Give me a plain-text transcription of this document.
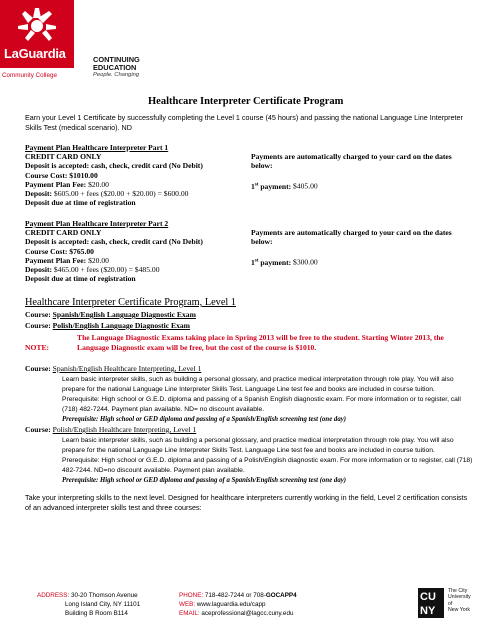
LaGuardia
Community College
CONTINUING
EDUCATION
People. Changing
Healthcare Interpreter Certificate Program
Earn your Level 1 Certificate by successfully completing the Level 1 course (45 hours) and passing the national Language Line Interpreter Skills Test (medical scenario). ND
Payment Plan Healthcare Interpreter Part 1
CREDIT CARD ONLY
Deposit is accepted: cash, check, credit card (No Debit)
Course Cost: $1010.00
Payment Plan Fee: $20.00
Deposit: $605.00 + fees ($20.00 + $20.00) = $600.00
Deposit due at time of registration
Payments are automatically charged to your card on the dates below:
1st payment: $405.00
Payment Plan Healthcare Interpreter Part 2
CREDIT CARD ONLY
Deposit is accepted: cash, check, credit card (No Debit)
Course Cost: $765.00
Payment Plan Fee: $20.00
Deposit: $465.00 + fees ($20.00) = $485.00
Deposit due at time of registration
Payments are automatically charged to your card on the dates below:
1st payment: $300.00
Healthcare Interpreter Certificate Program, Level 1
Course: Spanish/English Language Diagnostic Exam
Course: Polish/English Language Diagnostic Exam
The Language Diagnostic Exams taking place in Spring 2013 will be free to the student. Starting Winter 2013, the
NOTE:	Language Diagnostic exam will be free, but the cost of the course is $1010.
Course: Spanish/English Healthcare Interpreting, Level 1
Learn basic interpreter skills, such as building a personal glossary, and practice medical interpretation through role play. You will also prepare for the national Language Line Interpreter Skills Test. Language Line test fee and books are included in course tuition. Prerequisite: High school or G.E.D. diploma and passing of a Spanish English diagnostic exam. For more information or to register, call (718) 482-7244. Payment plan available. ND= no discount available.
Prerequisite: High school or GED diploma and passing of a Spanish/English screening test (one day)
Course: Polish/English Healthcare Interpreting, Level 1
Learn basic interpreter skills, such as building a personal glossary, and practice medical interpretation through role play. You will also prepare for the national Language Line Interpreter Skills Test. Language Line test fee and books are included in course tuition. Prerequisite: High school or G.E.D. diploma and passing of a Polish/English diagnostic exam. For more information or to register, call (718) 482-7244. ND=no discount available. Payment plan available.
Prerequisite: High school or GED diploma and passing of a Spanish/English screening test (one day)
Take your interpreting skills to the next level. Designed for healthcare interpreters currently working in the field, Level 2 certification consists of an advanced interpreter skills test and three courses:
ADDRESS: 30-20 Thomson Avenue
Long Island City, NY 11101
Building B Room B114
PHONE: 718-482-7244 or 708-GOCAPP4
WEB: www.laguardia.edu/capp
EMAIL: aceprofessional@lagcc.cuny.edu
CU
NY
The City
University
of
New York
